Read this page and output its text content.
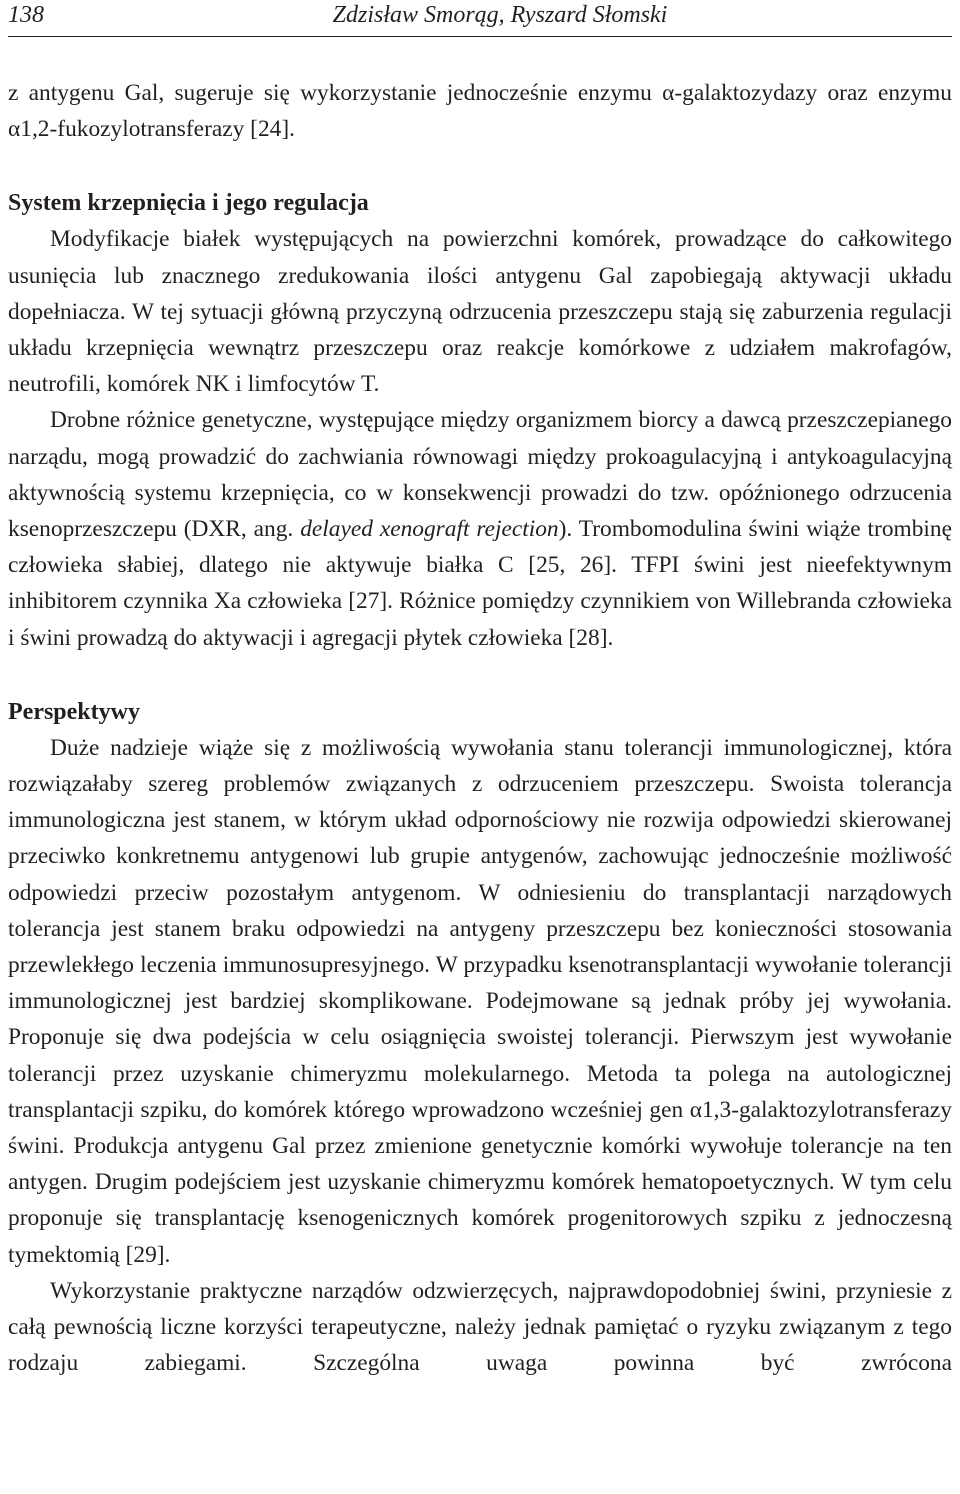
138	Zdzisław Smorąg, Ryszard Słomski

z antygenu Gal, sugeruje się wykorzystanie jednocześnie enzymu α-galaktozydazy oraz enzymu α1,2-fukozylotransferazy [24].

System krzepnięcia i jego regulacja

Modyfikacje białek występujących na powierzchni komórek, prowadzące do całkowitego usunięcia lub znacznego zredukowania ilości antygenu Gal zapobiegają aktywacji układu dopełniacza. W tej sytuacji główną przyczyną odrzucenia przeszczepu stają się zaburzenia regulacji układu krzepnięcia wewnątrz przeszczepu oraz reakcje komórkowe z udziałem makrofagów, neutrofili, komórek NK i limfocytów T.

Drobne różnice genetyczne, występujące między organizmem biorcy a dawcą przeszczepianego narządu, mogą prowadzić do zachwiania równowagi między prokoagulacyjną i antykoagulacyjną aktywnością systemu krzepnięcia, co w konsekwencji prowadzi do tzw. opóźnionego odrzucenia ksenoprzeszczepu (DXR, ang. delayed xenograft rejection). Trombomodulina świni wiąże trombinę człowieka słabiej, dlatego nie aktywuje białka C [25, 26]. TFPI świni jest nieefektywnym inhibitorem czynnika Xa człowieka [27]. Różnice pomiędzy czynnikiem von Willebranda człowieka i świni prowadzą do aktywacji i agregacji płytek człowieka [28].

Perspektywy

Duże nadzieje wiąże się z możliwością wywołania stanu tolerancji immunologicznej, która rozwiązałaby szereg problemów związanych z odrzuceniem przeszczepu. Swoista tolerancja immunologiczna jest stanem, w którym układ odpornościowy nie rozwija odpowiedzi skierowanej przeciwko konkretnemu antygenowi lub grupie antygenów, zachowując jednocześnie możliwość odpowiedzi przeciw pozostałym antygenom. W odniesieniu do transplantacji narządowych tolerancja jest stanem braku odpowiedzi na antygeny przeszczepu bez konieczności stosowania przewlekłego leczenia immunosupresyjnego. W przypadku ksenotransplantacji wywołanie tolerancji immunologicznej jest bardziej skomplikowane. Podejmowane są jednak próby jej wywołania. Proponuje się dwa podejścia w celu osiągnięcia swoistej tolerancji. Pierwszym jest wywołanie tolerancji przez uzyskanie chimeryzmu molekularnego. Metoda ta polega na autologicznej transplantacji szpiku, do komórek którego wprowadzono wcześniej gen α1,3-galaktozylotransferazy świni. Produkcja antygenu Gal przez zmienione genetycznie komórki wywołuje tolerancje na ten antygen. Drugim podejściem jest uzyskanie chimeryzmu komórek hematopoetycznych. W tym celu proponuje się transplantację ksenogenicznych komórek progenitorowych szpiku z jednoczesną tymektomią [29].

Wykorzystanie praktyczne narządów odzwierzęcych, najprawdopodobniej świni, przyniesie z całą pewnością liczne korzyści terapeutyczne, należy jednak pamiętać o ryzyku związanym z tego rodzaju zabiegami. Szczególna uwaga powinna być zwrócona
